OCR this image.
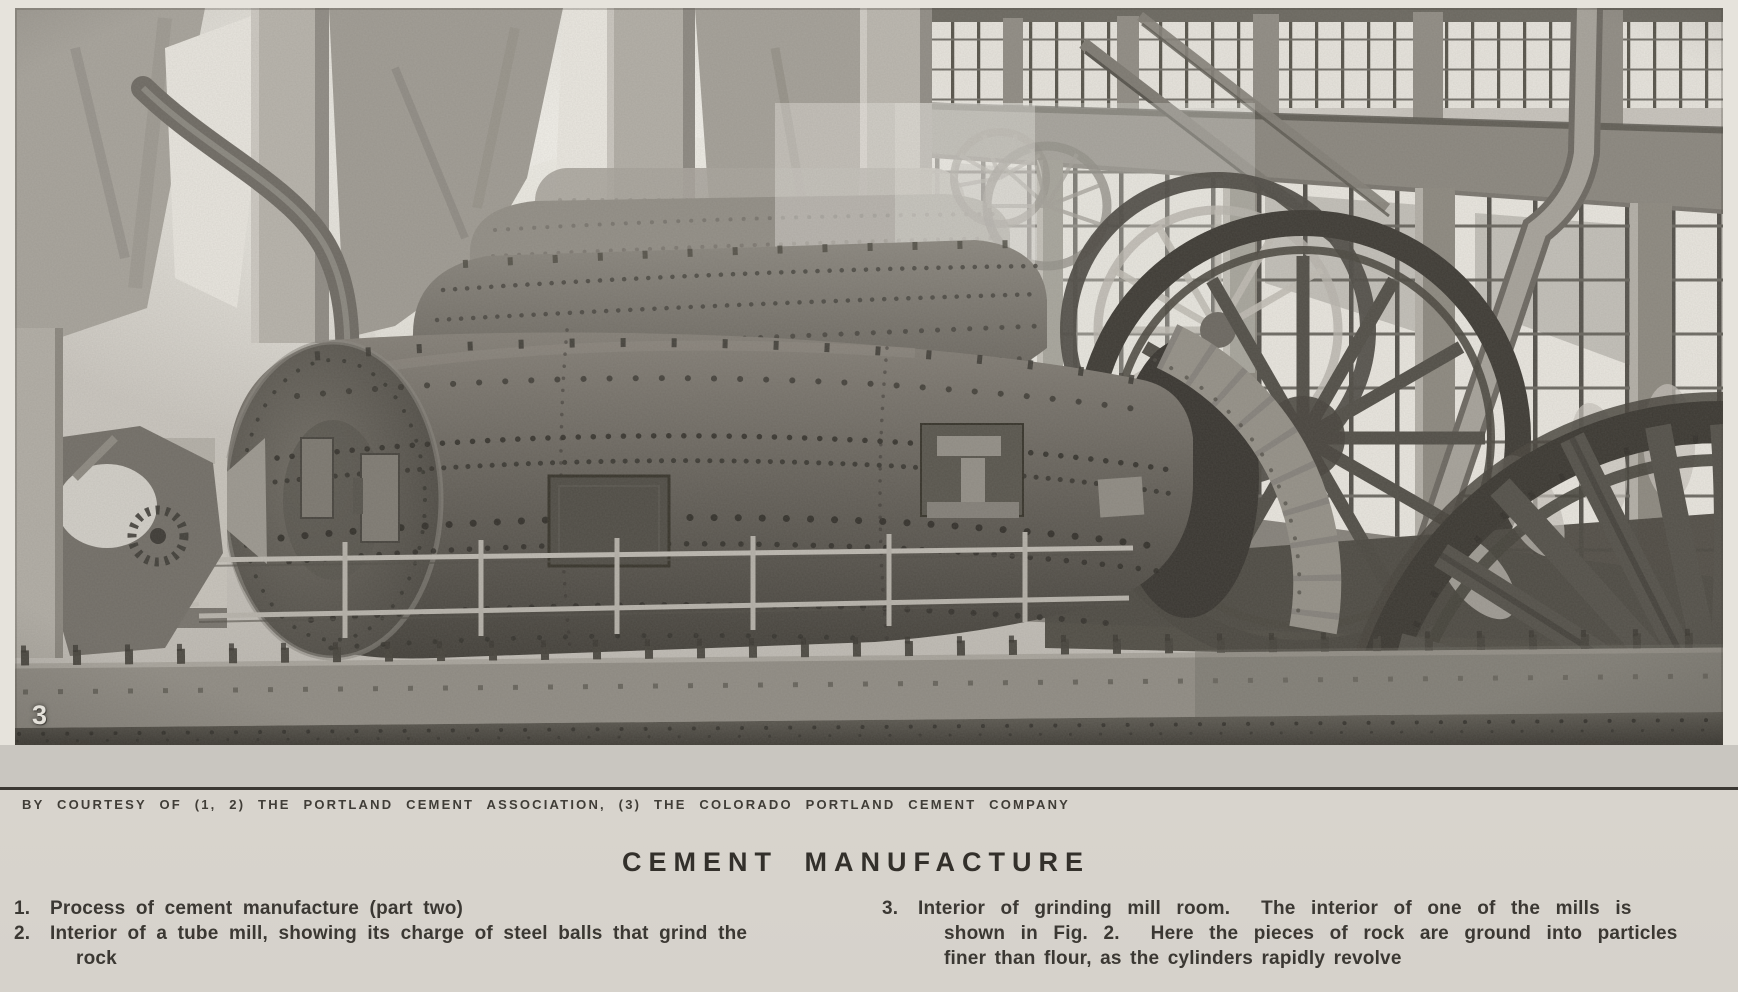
3
BY COURTESY OF (1, 2) THE PORTLAND CEMENT ASSOCIATION, (3) THE COLORADO PORTLAND CEMENT COMPANY
CEMENT MANUFACTURE
1. Process of cement manufacture (part two)
2. Interior of a tube mill, showing its charge of steel balls that grind the
rock
3. Interior of grinding mill room.  The interior of one of the mills is
shown in Fig. 2.  Here the pieces of rock are ground into particles
finer than flour, as the cylinders rapidly revolve
